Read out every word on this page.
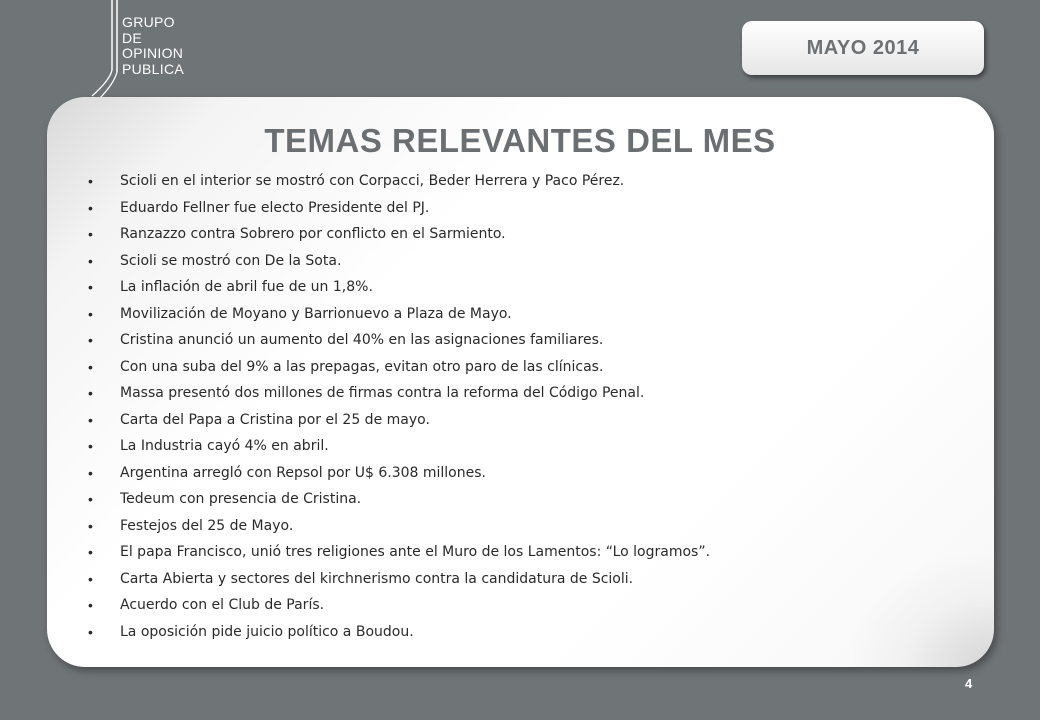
GRUPO
DE
OPINION
PUBLICA
MAYO 2014
TEMAS RELEVANTES DEL MES
• Scioli en el interior se mostró con Corpacci, Beder Herrera y Paco Pérez.
• Eduardo Fellner fue electo Presidente del PJ.
• Ranzazzo contra Sobrero por conflicto en el Sarmiento.
• Scioli se mostró con De la Sota.
• La inflación de abril fue de un 1,8%.
• Movilización de Moyano y Barrionuevo a Plaza de Mayo.
• Cristina anunció un aumento del 40% en las asignaciones familiares.
• Con una suba del 9% a las prepagas, evitan otro paro de las clínicas.
• Massa presentó dos millones de firmas contra la reforma del Código Penal.
• Carta del Papa a Cristina por el 25 de mayo.
• La Industria cayó 4% en abril.
• Argentina arregló con Repsol por U$ 6.308 millones.
• Tedeum con presencia de Cristina.
• Festejos del 25 de Mayo.
• El papa Francisco, unió tres religiones ante el Muro de los Lamentos: “Lo logramos”.
• Carta Abierta y sectores del kirchnerismo contra la candidatura de Scioli.
• Acuerdo con el Club de París.
• La oposición pide juicio político a Boudou.
4
